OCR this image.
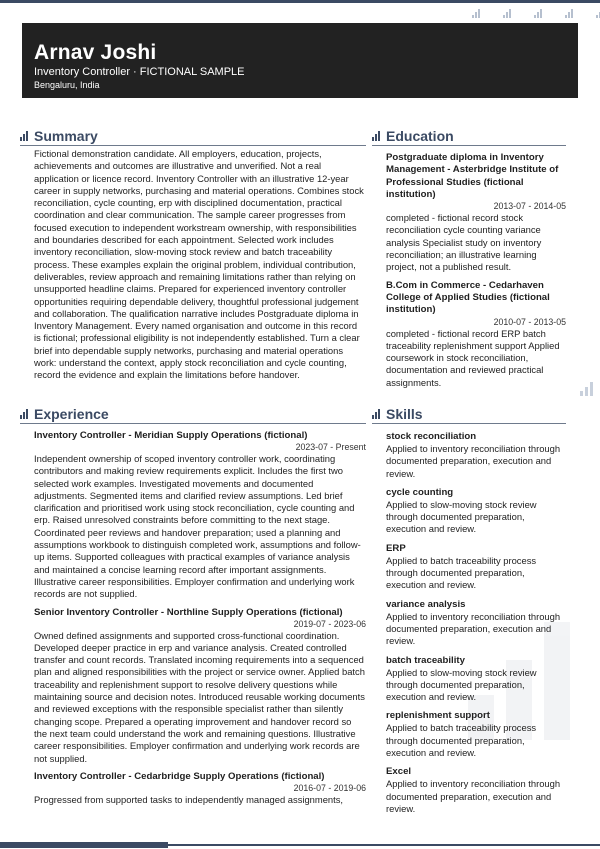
Arnav Joshi
Inventory Controller · FICTIONAL SAMPLE
Bengaluru, India
Summary
Fictional demonstration candidate. All employers, education, projects, achievements and outcomes are illustrative and unverified. Not a real application or licence record. Inventory Controller with an illustrative 12-year career in supply networks, purchasing and material operations. Combines stock reconciliation, cycle counting, erp with disciplined documentation, practical coordination and clear communication. The sample career progresses from focused execution to independent workstream ownership, with responsibilities and boundaries described for each appointment. Selected work includes inventory reconciliation, slow-moving stock review and batch traceability process. These examples explain the original problem, individual contribution, deliverables, review approach and remaining limitations rather than relying on unsupported headline claims. Prepared for experienced inventory controller opportunities requiring dependable delivery, thoughtful professional judgement and collaboration. The qualification narrative includes Postgraduate diploma in Inventory Management. Every named organisation and outcome in this record is fictional; professional eligibility is not independently established. Turn a clear brief into dependable supply networks, purchasing and material operations work: understand the context, apply stock reconciliation and cycle counting, record the evidence and explain the limitations before handover.
Experience
Inventory Controller - Meridian Supply Operations (fictional)
2023-07 - Present
Independent ownership of scoped inventory controller work, coordinating contributors and making review requirements explicit. Includes the first two selected work examples. Investigated movements and documented adjustments. Segmented items and clarified review assumptions. Led brief clarification and prioritised work using stock reconciliation, cycle counting and erp. Raised unresolved constraints before committing to the next stage. Coordinated peer reviews and handover preparation; used a planning and assumptions workbook to distinguish completed work, assumptions and follow-up items. Supported colleagues with practical examples of variance analysis and maintained a concise learning record after important assignments. Illustrative career responsibilities. Employer confirmation and underlying work records are not supplied.
Senior Inventory Controller - Northline Supply Operations (fictional)
2019-07 - 2023-06
Owned defined assignments and supported cross-functional coordination. Developed deeper practice in erp and variance analysis. Created controlled transfer and count records. Translated incoming requirements into a sequenced plan and aligned responsibilities with the project or service owner. Applied batch traceability and replenishment support to resolve delivery questions while maintaining source and decision notes. Introduced reusable working documents and reviewed exceptions with the responsible specialist rather than silently changing scope. Prepared a operating improvement and handover record so the next team could understand the work and remaining questions. Illustrative career responsibilities. Employer confirmation and underlying work records are not supplied.
Inventory Controller - Cedarbridge Supply Operations (fictional)
2016-07 - 2019-06
Progressed from supported tasks to independently managed assignments,
Education
Postgraduate diploma in Inventory Management - Asterbridge Institute of Professional Studies (fictional institution)
2013-07 - 2014-05
completed - fictional record stock reconciliation cycle counting variance analysis Specialist study on inventory reconciliation; an illustrative learning project, not a published result.
B.Com in Commerce - Cedarhaven College of Applied Studies (fictional institution)
2010-07 - 2013-05
completed - fictional record ERP batch traceability replenishment support Applied coursework in stock reconciliation, documentation and reviewed practical assignments.
Skills
stock reconciliation
Applied to inventory reconciliation through documented preparation, execution and review.
cycle counting
Applied to slow-moving stock review through documented preparation, execution and review.
ERP
Applied to batch traceability process through documented preparation, execution and review.
variance analysis
Applied to inventory reconciliation through documented preparation, execution and review.
batch traceability
Applied to slow-moving stock review through documented preparation, execution and review.
replenishment support
Applied to batch traceability process through documented preparation, execution and review.
Excel
Applied to inventory reconciliation through documented preparation, execution and review.
